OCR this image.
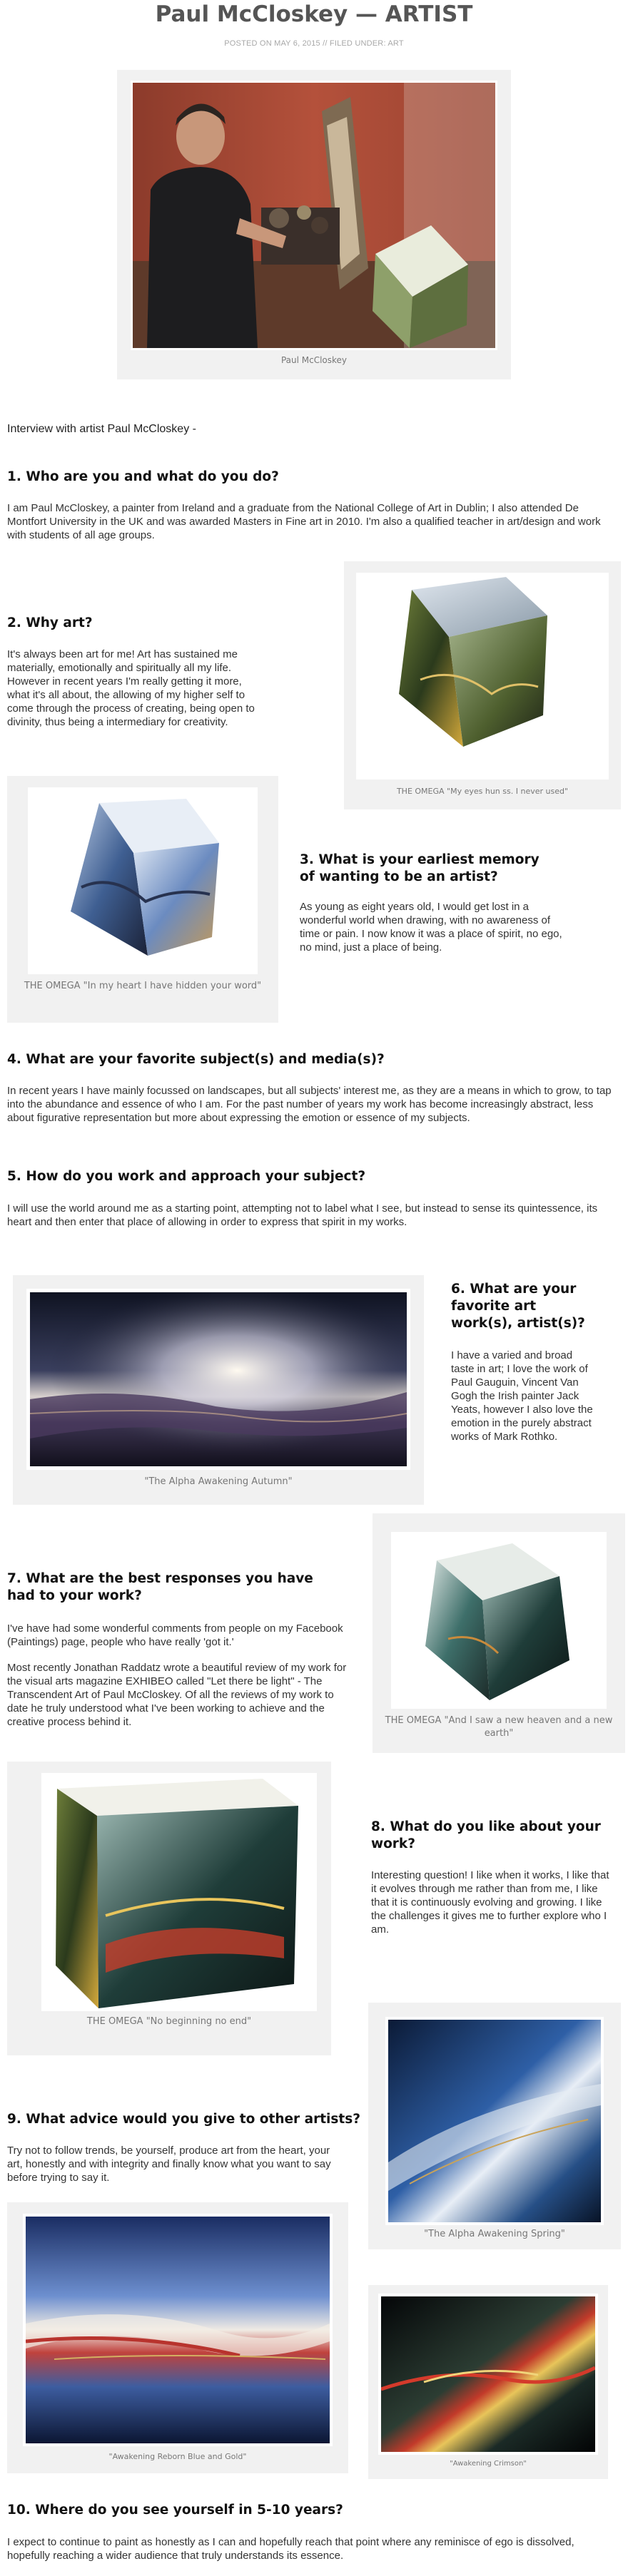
Paul McCloskey — ARTIST
POSTED ON MAY 6, 2015 // FILED UNDER: ART
Paul McCloskey
Interview with artist Paul McCloskey -
1. Who are you and what do you do?
I am Paul McCloskey, a painter from Ireland and a graduate from the National College of Art in Dublin; I also attended De Montfort University in the UK and was awarded Masters in Fine art in 2010. I'm also a qualified teacher in art/design and work with students of all age groups.
THE OMEGA "My eyes hun ss. I never used"
2. Why art?
It's always been art for me! Art has sustained me materially, emotionally and spiritually all my life. However in recent years I'm really getting it more, what it's all about, the allowing of my higher self to come through the process of creating, being open to divinity, thus being a intermediary for creativity.
THE OMEGA "In my heart I have hidden your word"
3. What is your earliest memory of wanting to be an artist?
As young as eight years old, I would get lost in a wonderful world when drawing, with no awareness of time or pain. I now know it was a place of spirit, no ego, no mind, just a place of being.
4. What are your favorite subject(s) and media(s)?
In recent years I have mainly focussed on landscapes, but all subjects' interest me, as they are a means in which to grow, to tap into the abundance and essence of who I am. For the past number of years my work has become increasingly abstract, less about figurative representation but more about expressing the emotion or essence of my subjects.
5. How do you work and approach your subject?
I will use the world around me as a starting point, attempting not to label what I see, but instead to sense its quintessence, its heart and then enter that place of allowing in order to express that spirit in my works.
"The Alpha Awakening Autumn"
6. What are your favorite art work(s), artist(s)?
I have a varied and broad taste in art; I love the work of Paul Gauguin, Vincent Van Gogh the Irish painter Jack Yeats, however I also love the emotion in the purely abstract works of Mark Rothko.
THE OMEGA "And I saw a new heaven and a new earth"
7. What are the best responses you have had to your work?
I've have had some wonderful comments from people on my Facebook (Paintings) page, people who have really 'got it.'
Most recently Jonathan Raddatz wrote a beautiful review of my work for the visual arts magazine EXHIBEO called "Let there be light" - The Transcendent Art of Paul McCloskey. Of all the reviews of my work to date he truly understood what I've been working to achieve and the creative process behind it.
THE OMEGA "No beginning no end"
8. What do you like about your work?
Interesting question! I like when it works, I like that it evolves through me rather than from me, I like that it is continuously evolving and growing. I like the challenges it gives me to further explore who I am.
"The Alpha Awakening Spring"
9. What advice would you give to other artists?
Try not to follow trends, be yourself, produce art from the heart, your art, honestly and with integrity and finally know what you want to say before trying to say it.
"Awakening Reborn Blue and Gold"
"Awakening Crimson"
10. Where do you see yourself in 5-10 years?
I expect to continue to paint as honestly as I can and hopefully reach that point where any reminisce of ego is dissolved, hopefully reaching a wider audience that truly understands its essence.
